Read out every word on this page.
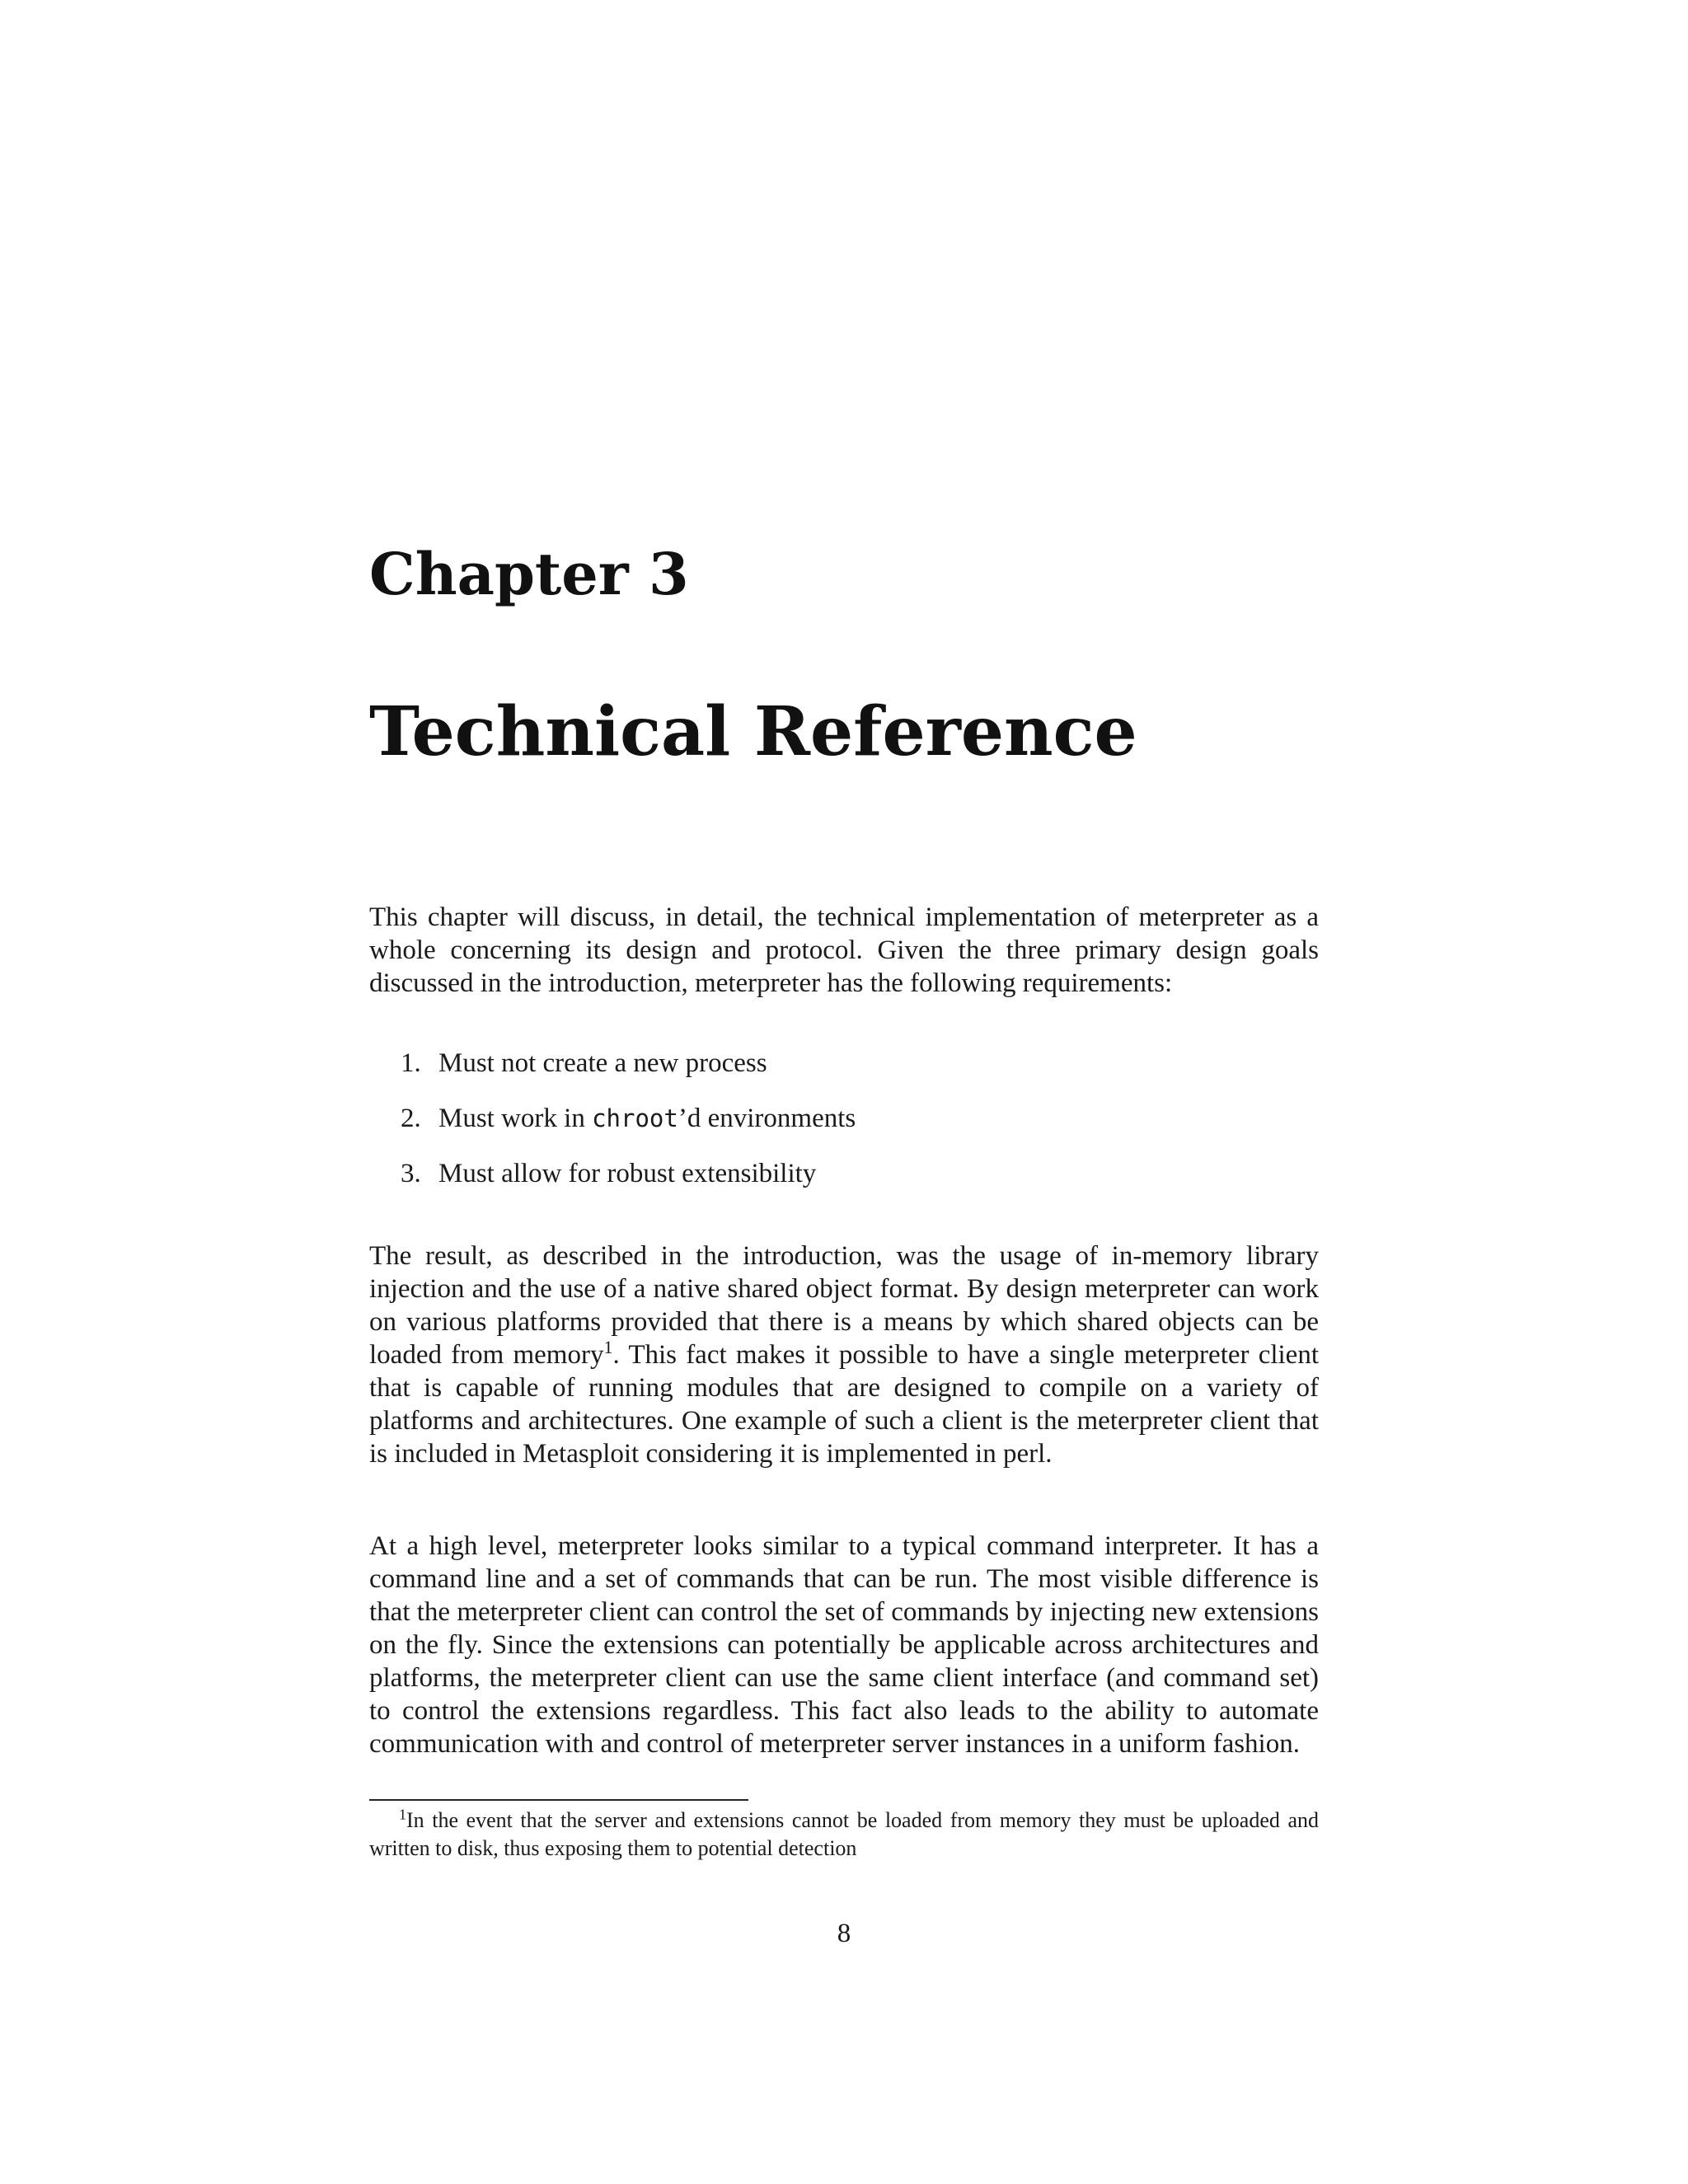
Chapter 3
Technical Reference

This chapter will discuss, in detail, the technical implementation of meterpreter as a whole concerning its design and protocol. Given the three primary design goals discussed in the introduction, meterpreter has the following requirements:

1. Must not create a new process
2. Must work in chroot’d environments
3. Must allow for robust extensibility

The result, as described in the introduction, was the usage of in-memory library injection and the use of a native shared object format. By design meterpreter can work on various platforms provided that there is a means by which shared objects can be loaded from memory$^1$. This fact makes it possible to have a single meterpreter client that is capable of running modules that are designed to compile on a variety of platforms and architectures. One example of such a client is the meterpreter client that is included in Metasploit considering it is implemented in perl.

At a high level, meterpreter looks similar to a typical command interpreter. It has a command line and a set of commands that can be run. The most visible difference is that the meterpreter client can control the set of commands by injecting new extensions on the fly. Since the extensions can potentially be applicable across architectures and platforms, the meterpreter client can use the same client interface (and command set) to control the extensions regardless. This fact also leads to the ability to automate communication with and control of meterpreter server instances in a uniform fashion.

$^1$In the event that the server and extensions cannot be loaded from memory they must be uploaded and written to disk, thus exposing them to potential detection

8
